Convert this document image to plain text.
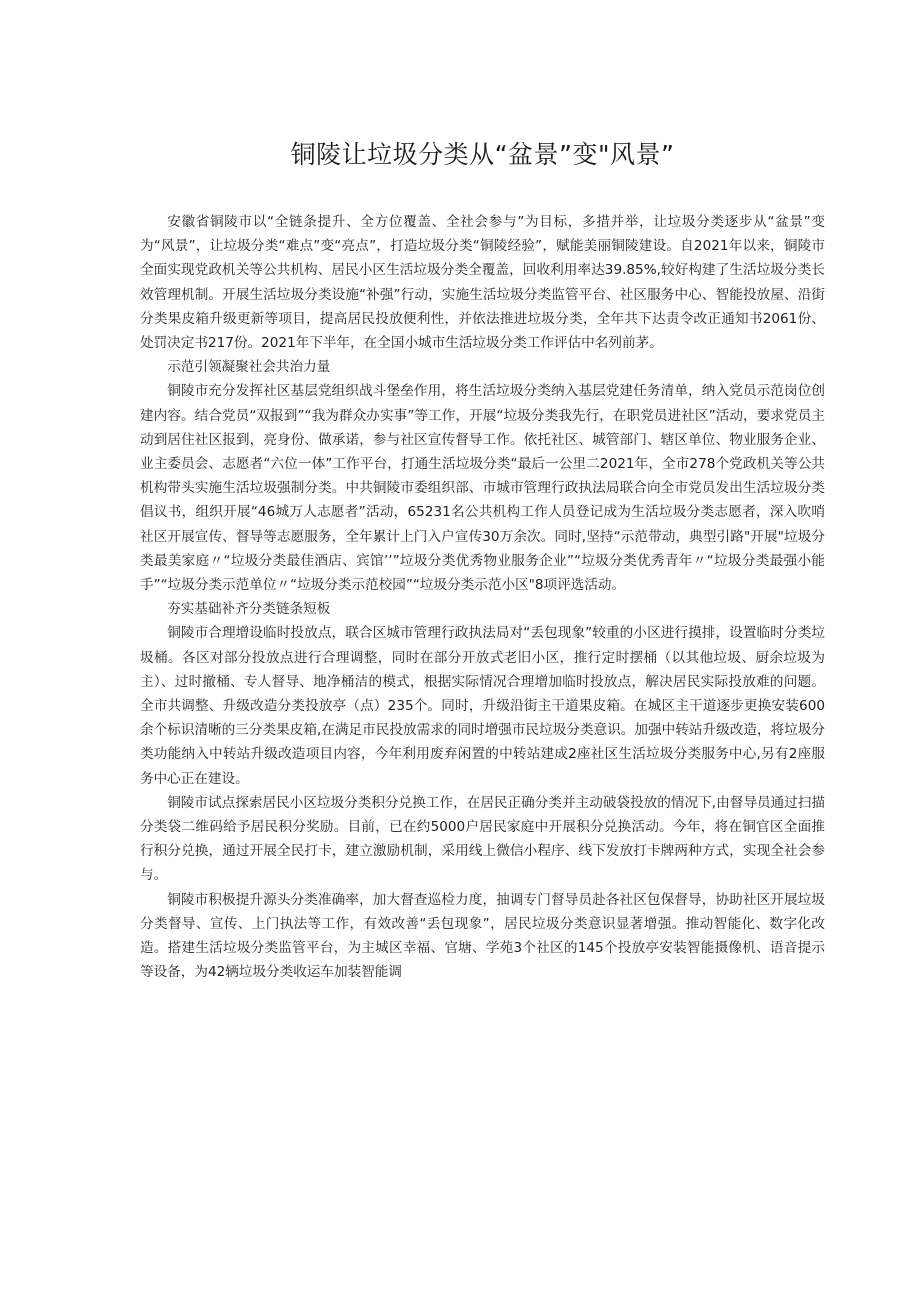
铜陵让垃圾分类从“盆景”变"风景”

安徽省铜陵市以“全链条提升、全方位覆盖、全社会参与”为目标，多措并举，让垃圾分类逐步从“盆景”变为“风景”，让垃圾分类“难点”变“亮点”，打造垃圾分类“铜陵经验”，赋能美丽铜陵建设。自2021年以来，铜陵市全面实现党政机关等公共机构、居民小区生活垃圾分类全覆盖，回收利用率达39.85%,较好构建了生活垃圾分类长效管理机制。开展生活垃圾分类设施“补强”行动，实施生活垃圾分类监管平台、社区服务中心、智能投放屋、沿街分类果皮箱升级更新等项目，提高居民投放便利性，并依法推进垃圾分类，全年共下达责令改正通知书2061份、处罚决定书217份。2021年下半年，在全国小城市生活垃圾分类工作评估中名列前茅。

示范引领凝聚社会共治力量

铜陵市充分发挥社区基层党组织战斗堡垒作用，将生活垃圾分类纳入基层党建任务清单，纳入党员示范岗位创建内容。结合党员“双报到”“我为群众办实事”等工作，开展“垃圾分类我先行，在职党员进社区”活动，要求党员主动到居住社区报到，亮身份、做承诺，参与社区宣传督导工作。依托社区、城管部门、辖区单位、物业服务企业、业主委员会、志愿者“六位一体”工作平台，打通生活垃圾分类“最后一公里二2021年，全市278个党政机关等公共机构带头实施生活垃圾强制分类。中共铜陵市委组织部、市城市管理行政执法局联合向全市党员发出生活垃圾分类倡议书，组织开展“46城万人志愿者”活动，65231名公共机构工作人员登记成为生活垃圾分类志愿者，深入吹哨社区开展宣传、督导等志愿服务，全年累计上门入户宣传30万余次。同时,坚持“示范带动，典型引路"开展"垃圾分类最美家庭〃“垃圾分类最佳酒店、宾馆’’”垃圾分类优秀物业服务企业”“垃圾分类优秀青年〃“垃圾分类最强小能手”“垃圾分类示范单位〃“垃圾分类示范校园”“垃圾分类示范小区"8项评选活动。

夯实基础补齐分类链条短板

铜陵市合理增设临时投放点，联合区城市管理行政执法局对“丢包现象”较重的小区进行摸排，设置临时分类垃圾桶。各区对部分投放点进行合理调整，同时在部分开放式老旧小区，推行定时摆桶（以其他垃圾、厨余垃圾为主）、过时撤桶、专人督导、地净桶洁的模式，根据实际情况合理增加临时投放点，解决居民实际投放难的问题。全市共调整、升级改造分类投放亭（点）235个。同时，升级沿街主干道果皮箱。在城区主干道逐步更换安装600余个标识清晰的三分类果皮箱,在满足市民投放需求的同时增强市民垃圾分类意识。加强中转站升级改造，将垃圾分类功能纳入中转站升级改造项目内容，今年利用废弃闲置的中转站建成2座社区生活垃圾分类服务中心,另有2座服务中心正在建设。

铜陵市试点探索居民小区垃圾分类积分兑换工作，在居民正确分类并主动破袋投放的情况下,由督导员通过扫描分类袋二维码给予居民积分奖励。目前，已在约5000户居民家庭中开展积分兑换活动。今年，将在铜官区全面推行积分兑换，通过开展全民打卡，建立激励机制，采用线上微信小程序、线下发放打卡牌两种方式，实现全社会参与。

铜陵市积极提升源头分类准确率，加大督查巡检力度，抽调专门督导员赴各社区包保督导，协助社区开展垃圾分类督导、宣传、上门执法等工作，有效改善“丢包现象”，居民垃圾分类意识显著增强。推动智能化、数字化改造。搭建生活垃圾分类监管平台，为主城区幸福、官塘、学苑3个社区的145个投放亭安装智能摄像机、语音提示等设备，为42辆垃圾分类收运车加装智能调
